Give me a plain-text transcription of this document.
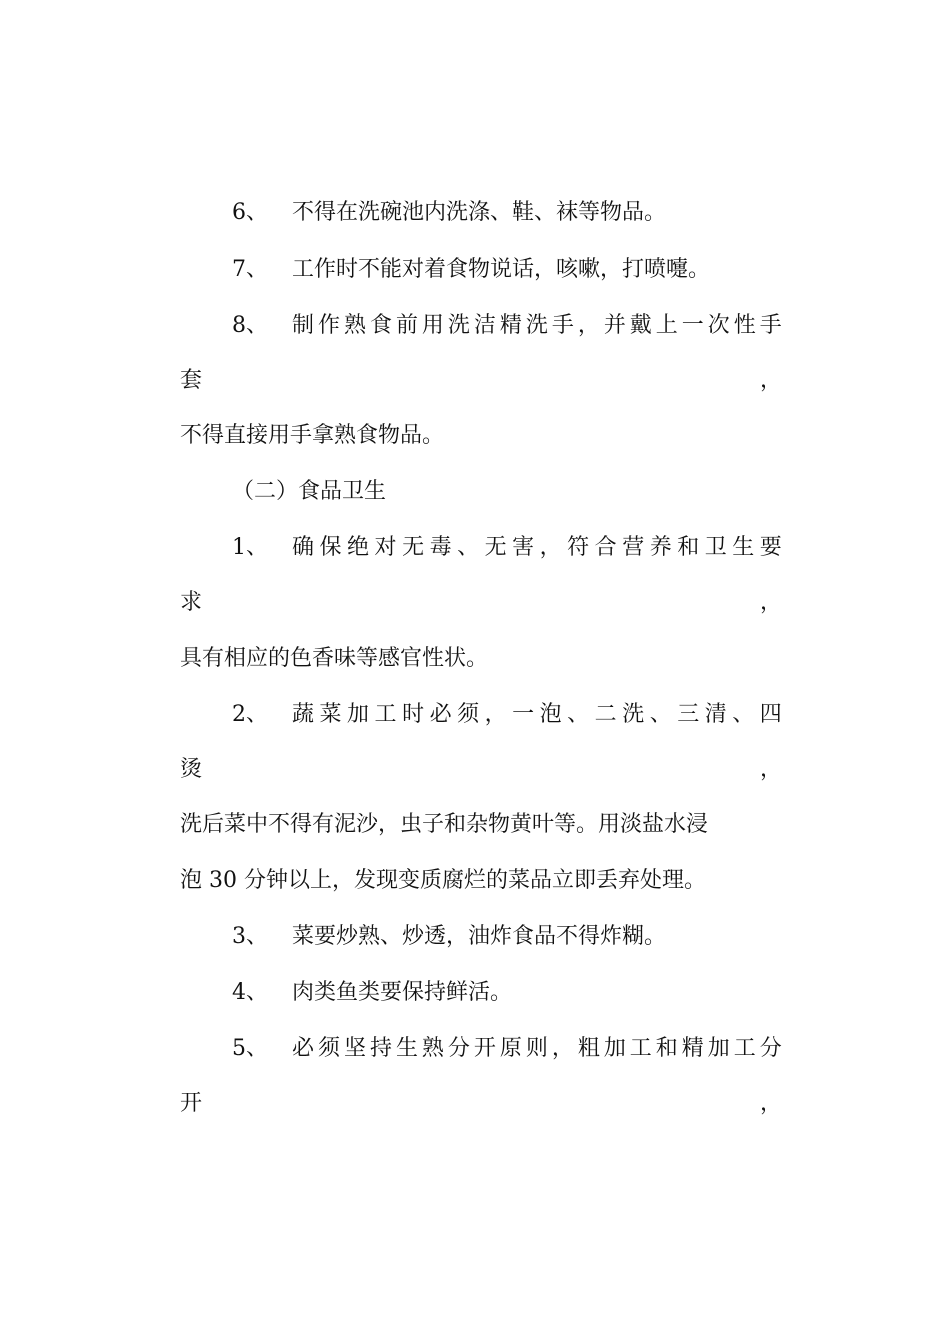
6、	不得在洗碗池内洗涤、鞋、袜等物品。
7、	工作时不能对着食物说话，咳嗽，打喷嚏。
8、	制 作 熟 食 前 用 洗 洁 精 洗 手 ， 并 戴 上 一 次 性 手
套	，
不得直接用手拿熟食物品。
（二）食品卫生
1、	确 保 绝 对 无 毒 、 无 害 ， 符 合 营 养 和 卫 生 要
求	，
具有相应的色香味等感官性状。
2、	蔬 菜 加 工 时 必 须 ， 一 泡 、 二 洗 、 三 清 、 四
烫	，
洗后菜中不得有泥沙，虫子和杂物黄叶等。用淡盐水浸
泡 30 分钟以上，发现变质腐烂的菜品立即丢弃处理。
3、	菜要炒熟、炒透，油炸食品不得炸糊。
4、	肉类鱼类要保持鲜活。
5、	必 须 坚 持 生 熟 分 开 原 则 ， 粗 加 工 和 精 加 工 分
开	，
